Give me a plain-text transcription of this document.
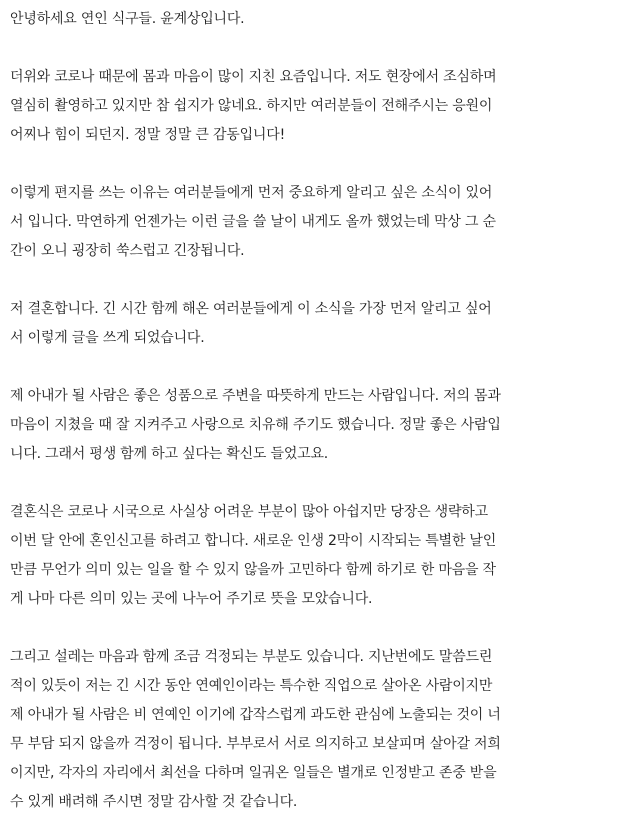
안녕하세요 연인 식구들. 윤계상입니다.

더위와 코로나 때문에 몸과 마음이 많이 지친 요즘입니다. 저도 현장에서 조심하며
열심히 촬영하고 있지만 참 쉽지가 않네요. 하지만 여러분들이 전해주시는 응원이
어찌나 힘이 되던지. 정말 정말 큰 감동입니다!

이렇게 편지를 쓰는 이유는 여러분들에게 먼저 중요하게 알리고 싶은 소식이 있어
서 입니다. 막연하게 언젠가는 이런 글을 쓸 날이 내게도 올까 했었는데 막상 그 순
간이 오니 굉장히 쑥스럽고 긴장됩니다.

저 결혼합니다. 긴 시간 함께 해온 여러분들에게 이 소식을 가장 먼저 알리고 싶어
서 이렇게 글을 쓰게 되었습니다.

제 아내가 될 사람은 좋은 성품으로 주변을 따뜻하게 만드는 사람입니다. 저의 몸과
마음이 지쳤을 때 잘 지켜주고 사랑으로 치유해 주기도 했습니다. 정말 좋은 사람입
니다. 그래서 평생 함께 하고 싶다는 확신도 들었고요.

결혼식은 코로나 시국으로 사실상 어려운 부분이 많아 아쉽지만 당장은 생략하고
이번 달 안에 혼인신고를 하려고 합니다. 새로운 인생 2막이 시작되는 특별한 날인
만큼 무언가 의미 있는 일을 할 수 있지 않을까 고민하다 함께 하기로 한 마음을 작
게 나마 다른 의미 있는 곳에 나누어 주기로 뜻을 모았습니다.

그리고 설레는 마음과 함께 조금 걱정되는 부분도 있습니다. 지난번에도 말씀드린
적이 있듯이 저는 긴 시간 동안 연예인이라는 특수한 직업으로 살아온 사람이지만
제 아내가 될 사람은 비 연예인 이기에 갑작스럽게 과도한 관심에 노출되는 것이 너
무 부담 되지 않을까 걱정이 됩니다. 부부로서 서로 의지하고 보살피며 살아갈 저희
이지만, 각자의 자리에서 최선을 다하며 일궈온 일들은 별개로 인정받고 존중 받을
수 있게 배려해 주시면 정말 감사할 것 같습니다.
